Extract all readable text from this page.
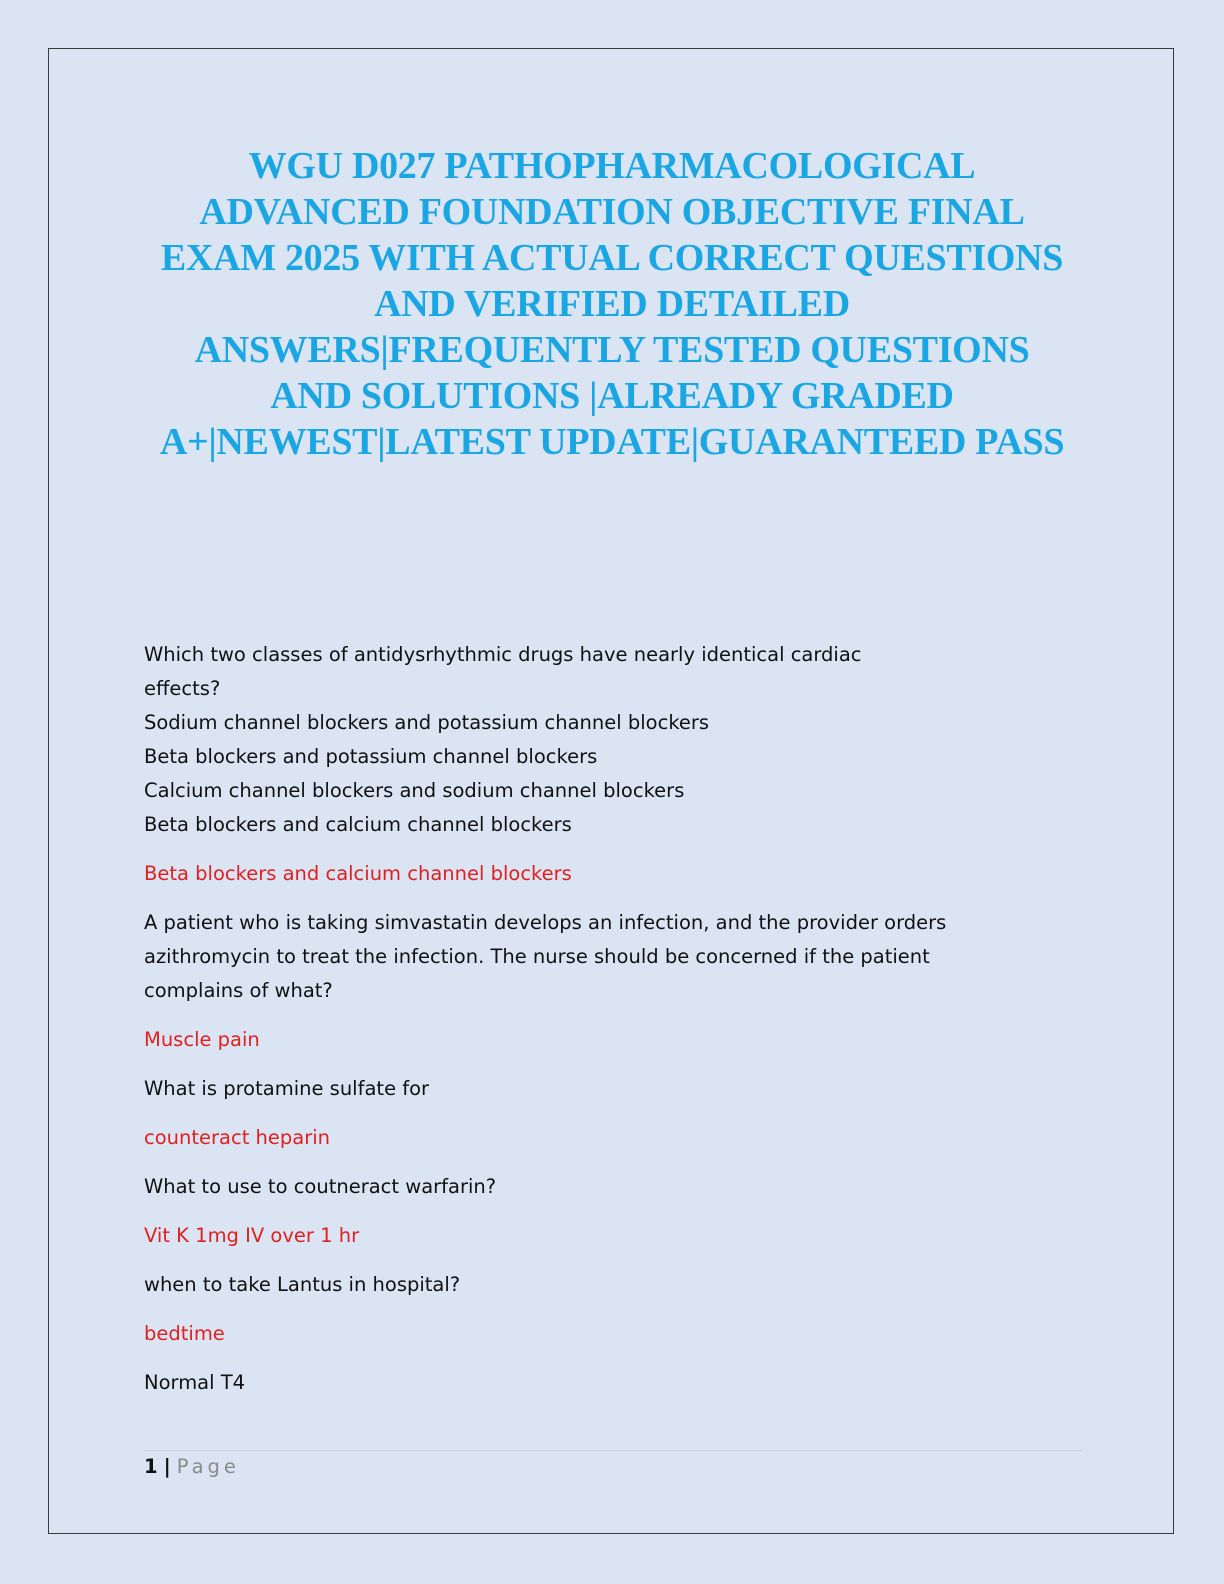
WGU D027 PATHOPHARMACOLOGICAL
ADVANCED FOUNDATION OBJECTIVE FINAL
EXAM 2025 WITH ACTUAL CORRECT QUESTIONS
AND VERIFIED DETAILED
ANSWERS|FREQUENTLY TESTED QUESTIONS
AND SOLUTIONS |ALREADY GRADED
A+|NEWEST|LATEST UPDATE|GUARANTEED PASS
Which two classes of antidysrhythmic drugs have nearly identical cardiac
effects?
Sodium channel blockers and potassium channel blockers
Beta blockers and potassium channel blockers
Calcium channel blockers and sodium channel blockers
Beta blockers and calcium channel blockers
Beta blockers and calcium channel blockers
A patient who is taking simvastatin develops an infection, and the provider orders
azithromycin to treat the infection. The nurse should be concerned if the patient
complains of what?
Muscle pain
What is protamine sulfate for
counteract heparin
What to use to coutneract warfarin?
Vit K 1mg IV over 1 hr
when to take Lantus in hospital?
bedtime
Normal T4
1 | Page
